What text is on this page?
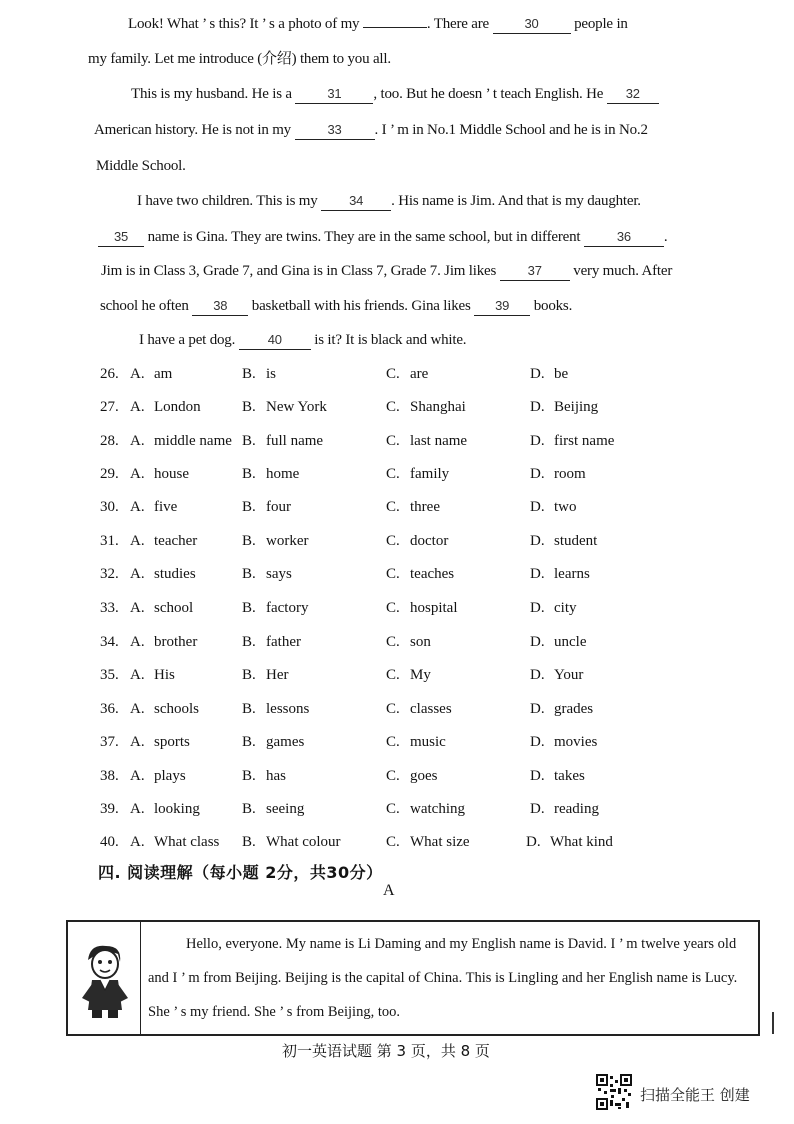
Look! What ’ s this? It ’ s a photo of my	. There are	30 people in
my family. Let me introduce (介绍) them to you all.
This is my husband. He is a	31 , too. But he doesn ’ t teach English. He 32
American history. He is not in my	33 . I ’ m in No.1 Middle School and he is in No.2
Middle School.
I have two children. This is my 34 . His name is Jim. And that is my daughter.
35 name is Gina. They are twins. They are in the same school, but in different	36 .
Jim is in Class 3, Grade 7, and Gina is in Class 7, Grade 7. Jim likes 37 very much. After
school he often 38 basketball with his friends. Gina likes 39 books.
I have a pet dog.	40 is it? It is black and white.
26. A. am	B. is	C. are	D. be
27. A. London	B. New York	C. Shanghai	D. Beijing
28. A. middle name B. full name	C. last name	D. first name
29. A. house	B. home	C. family	D. room
30. A. five	B. four	C. three	D. two
31. A. teacher	B. worker	C. doctor	D. student
32. A. studies	B. says	C. teaches	D. learns
33. A. school	B. factory	C. hospital	D. city
34. A. brother	B. father	C. son	D. uncle
35. A. His	B. Her	C. My	D. Your
36. A. schools	B. lessons	C. classes	D. grades
37. A. sports	B. games	C. music	D. movies
38. A. plays	B. has	C. goes	D. takes
39. A. looking	B. seeing	C. watching	D. reading
40. A. What class B. What colour	C. What size	D. What kind
四. 阅读理解（每小题 2分，共30分）
A
Hello, everyone. My name is Li Daming and my English name is David. I ’ m twelve years old
and I ’ m from Beijing. Beijing is the capital of China. This is Lingling and her English name is Lucy.
She ’ s my friend. She ’ s from Beijing, too.
初一英语试题 第 3 页，共 8 页
扫描全能王 创建
